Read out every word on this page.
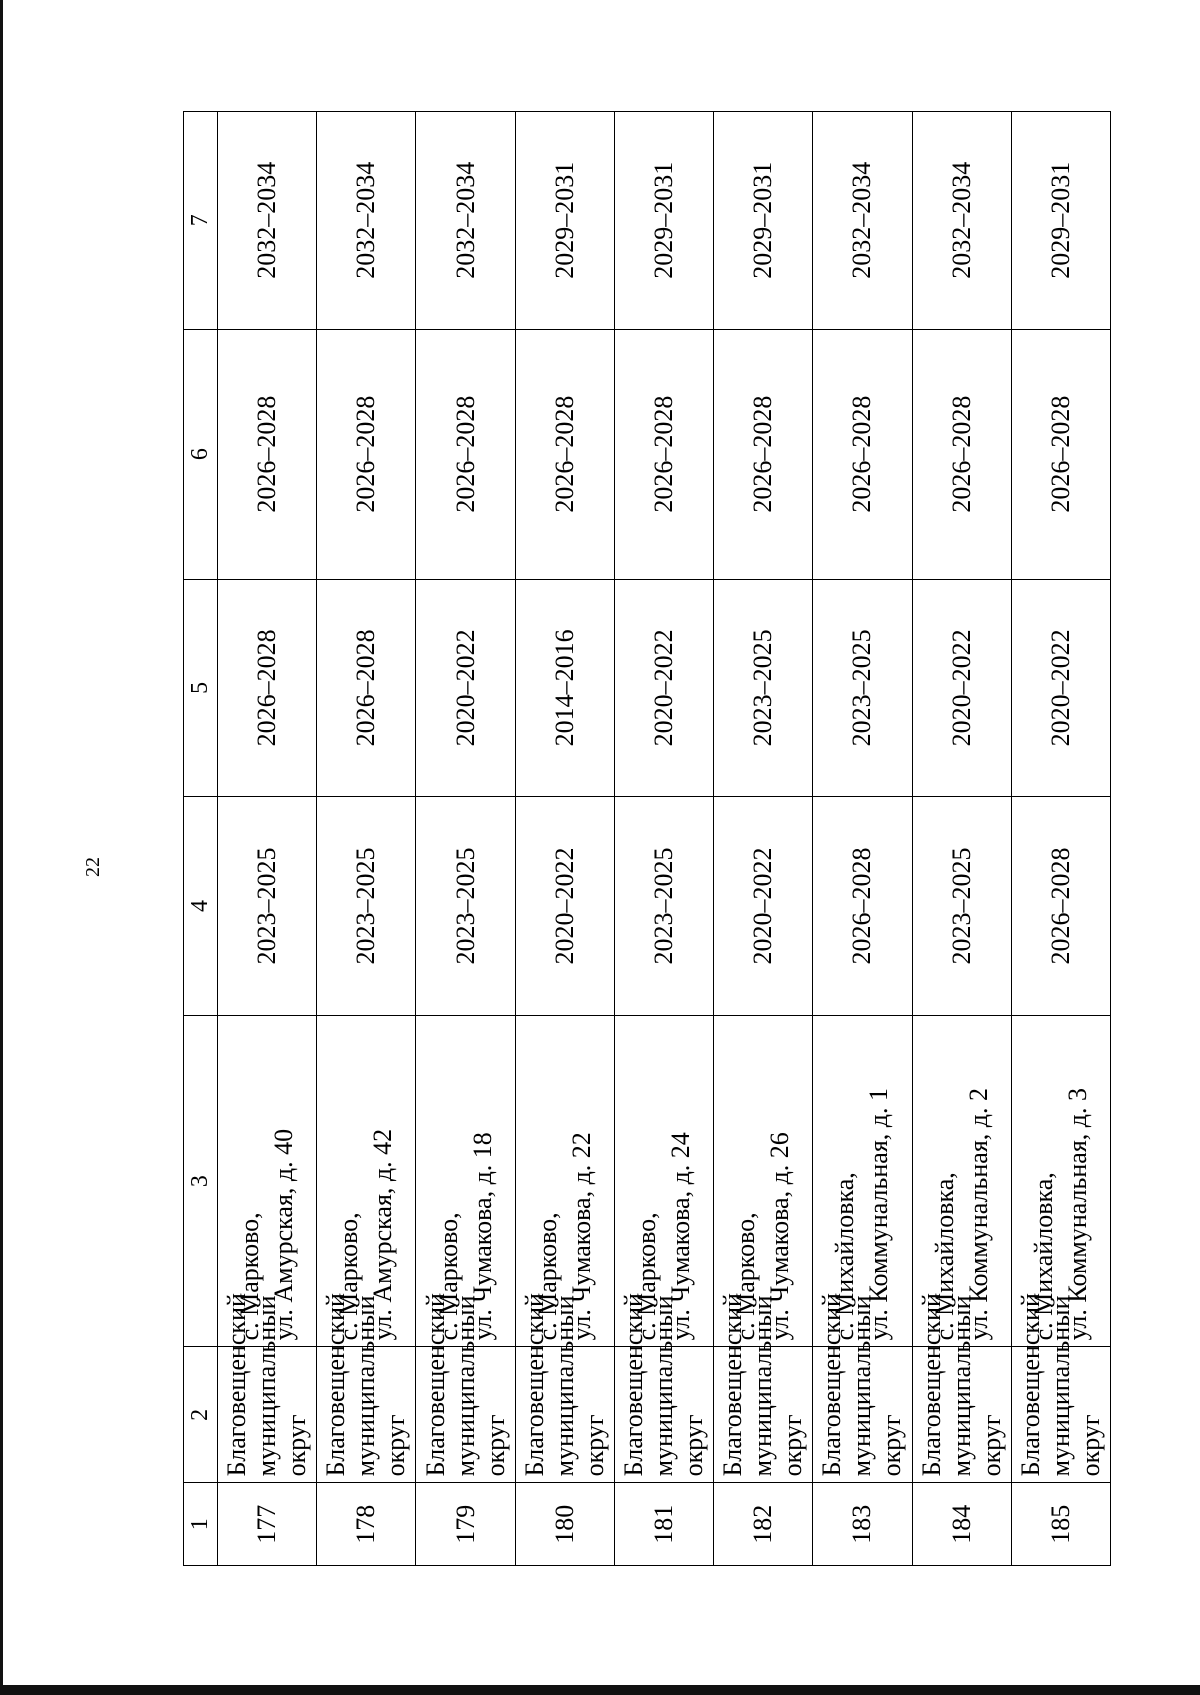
22
1	2	3	4	5	6	7
177	Благовещенский муниципальный округ	с. Марково, ул. Амурская, д. 40	2023–2025	2026–2028	2026–2028	2032–2034
178	Благовещенский муниципальный округ	с. Марково, ул. Амурская, д. 42	2023–2025	2026–2028	2026–2028	2032–2034
179	Благовещенский муниципальный округ	с. Марково, ул. Чумакова, д. 18	2023–2025	2020–2022	2026–2028	2032–2034
180	Благовещенский муниципальный округ	с. Марково, ул. Чумакова, д. 22	2020–2022	2014–2016	2026–2028	2029–2031
181	Благовещенский муниципальный округ	с. Марково, ул. Чумакова, д. 24	2023–2025	2020–2022	2026–2028	2029–2031
182	Благовещенский муниципальный округ	с. Марково, ул. Чумакова, д. 26	2020–2022	2023–2025	2026–2028	2029–2031
183	Благовещенский муниципальный округ	с. Михайловка, ул. Коммунальная, д. 1	2026–2028	2023–2025	2026–2028	2032–2034
184	Благовещенский муниципальный округ	с. Михайловка, ул. Коммунальная, д. 2	2023–2025	2020–2022	2026–2028	2032–2034
185	Благовещенский муниципальный округ	с. Михайловка, ул. Коммунальная, д. 3	2026–2028	2020–2022	2026–2028	2029–2031
